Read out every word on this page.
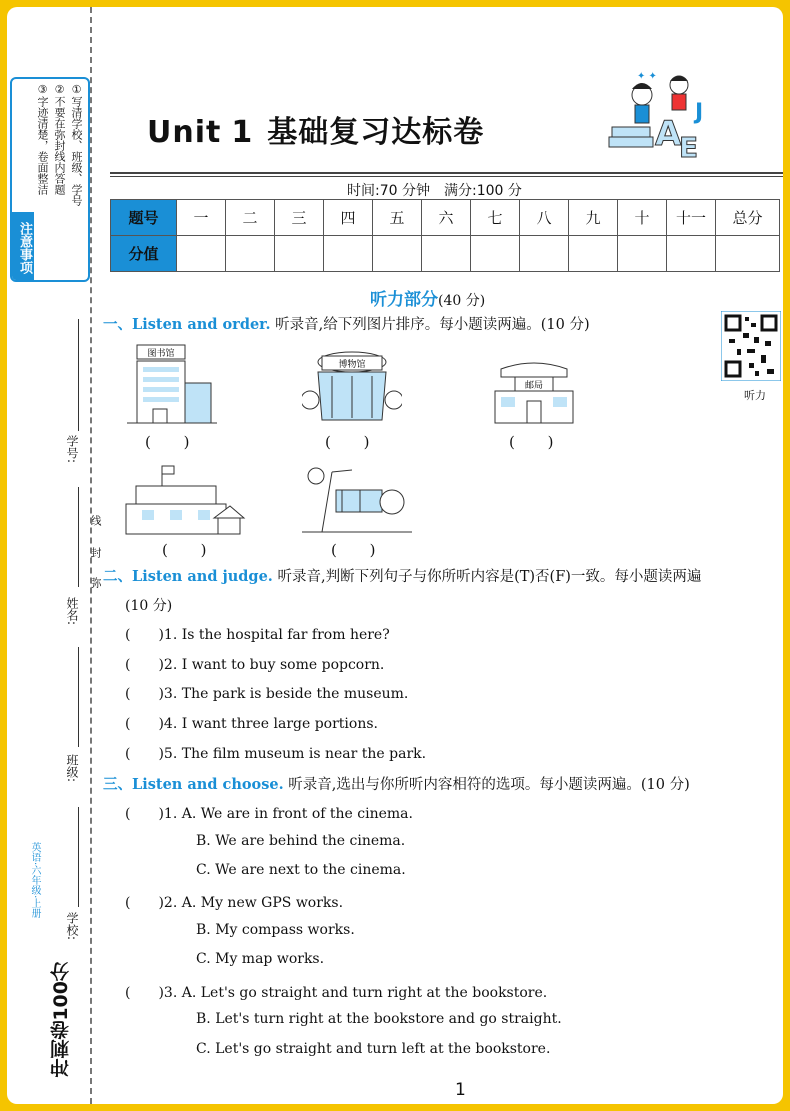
①写清学校、班级、学号
②不要在弥封线内答题
③字迹清楚，卷面整洁
注意事项
学号:
姓名:
线
封
弥
班级:
学校:
英语·六年级·上册
冲刺卷100分
Unit 1 基础复习达标卷	A
E
J
✦ ✦
时间:70 分钟 满分:100 分
题号	一	二	三	四	五	六	七	八	九	十	十一	总分
分值												
听力部分(40 分)
听力
一、Listen and order. 听录音,给下列图片排序。每小题读两遍。(10 分)
图书馆
( )
博物馆
( )
邮局
( )
( )	( )
二、Listen and judge. 听录音,判断下列句子与你所听内容是(T)否(F)一致。每小题读两遍
(10 分)
(　　)1. Is the hospital far from here?
(　　)2. I want to buy some popcorn.
(　　)3. The park is beside the museum.
(　　)4. I want three large portions.
(　　)5. The film museum is near the park.
三、Listen and choose. 听录音,选出与你所听内容相符的选项。每小题读两遍。(10 分)
(　　)1. A. We are in front of the cinema.
B. We are behind the cinema.
C. We are next to the cinema.
(　　)2. A. My new GPS works.
B. My compass works.
C. My map works.
(　　)3. A. Let's go straight and turn right at the bookstore.
B. Let's turn right at the bookstore and go straight.
C. Let's go straight and turn left at the bookstore.
1
